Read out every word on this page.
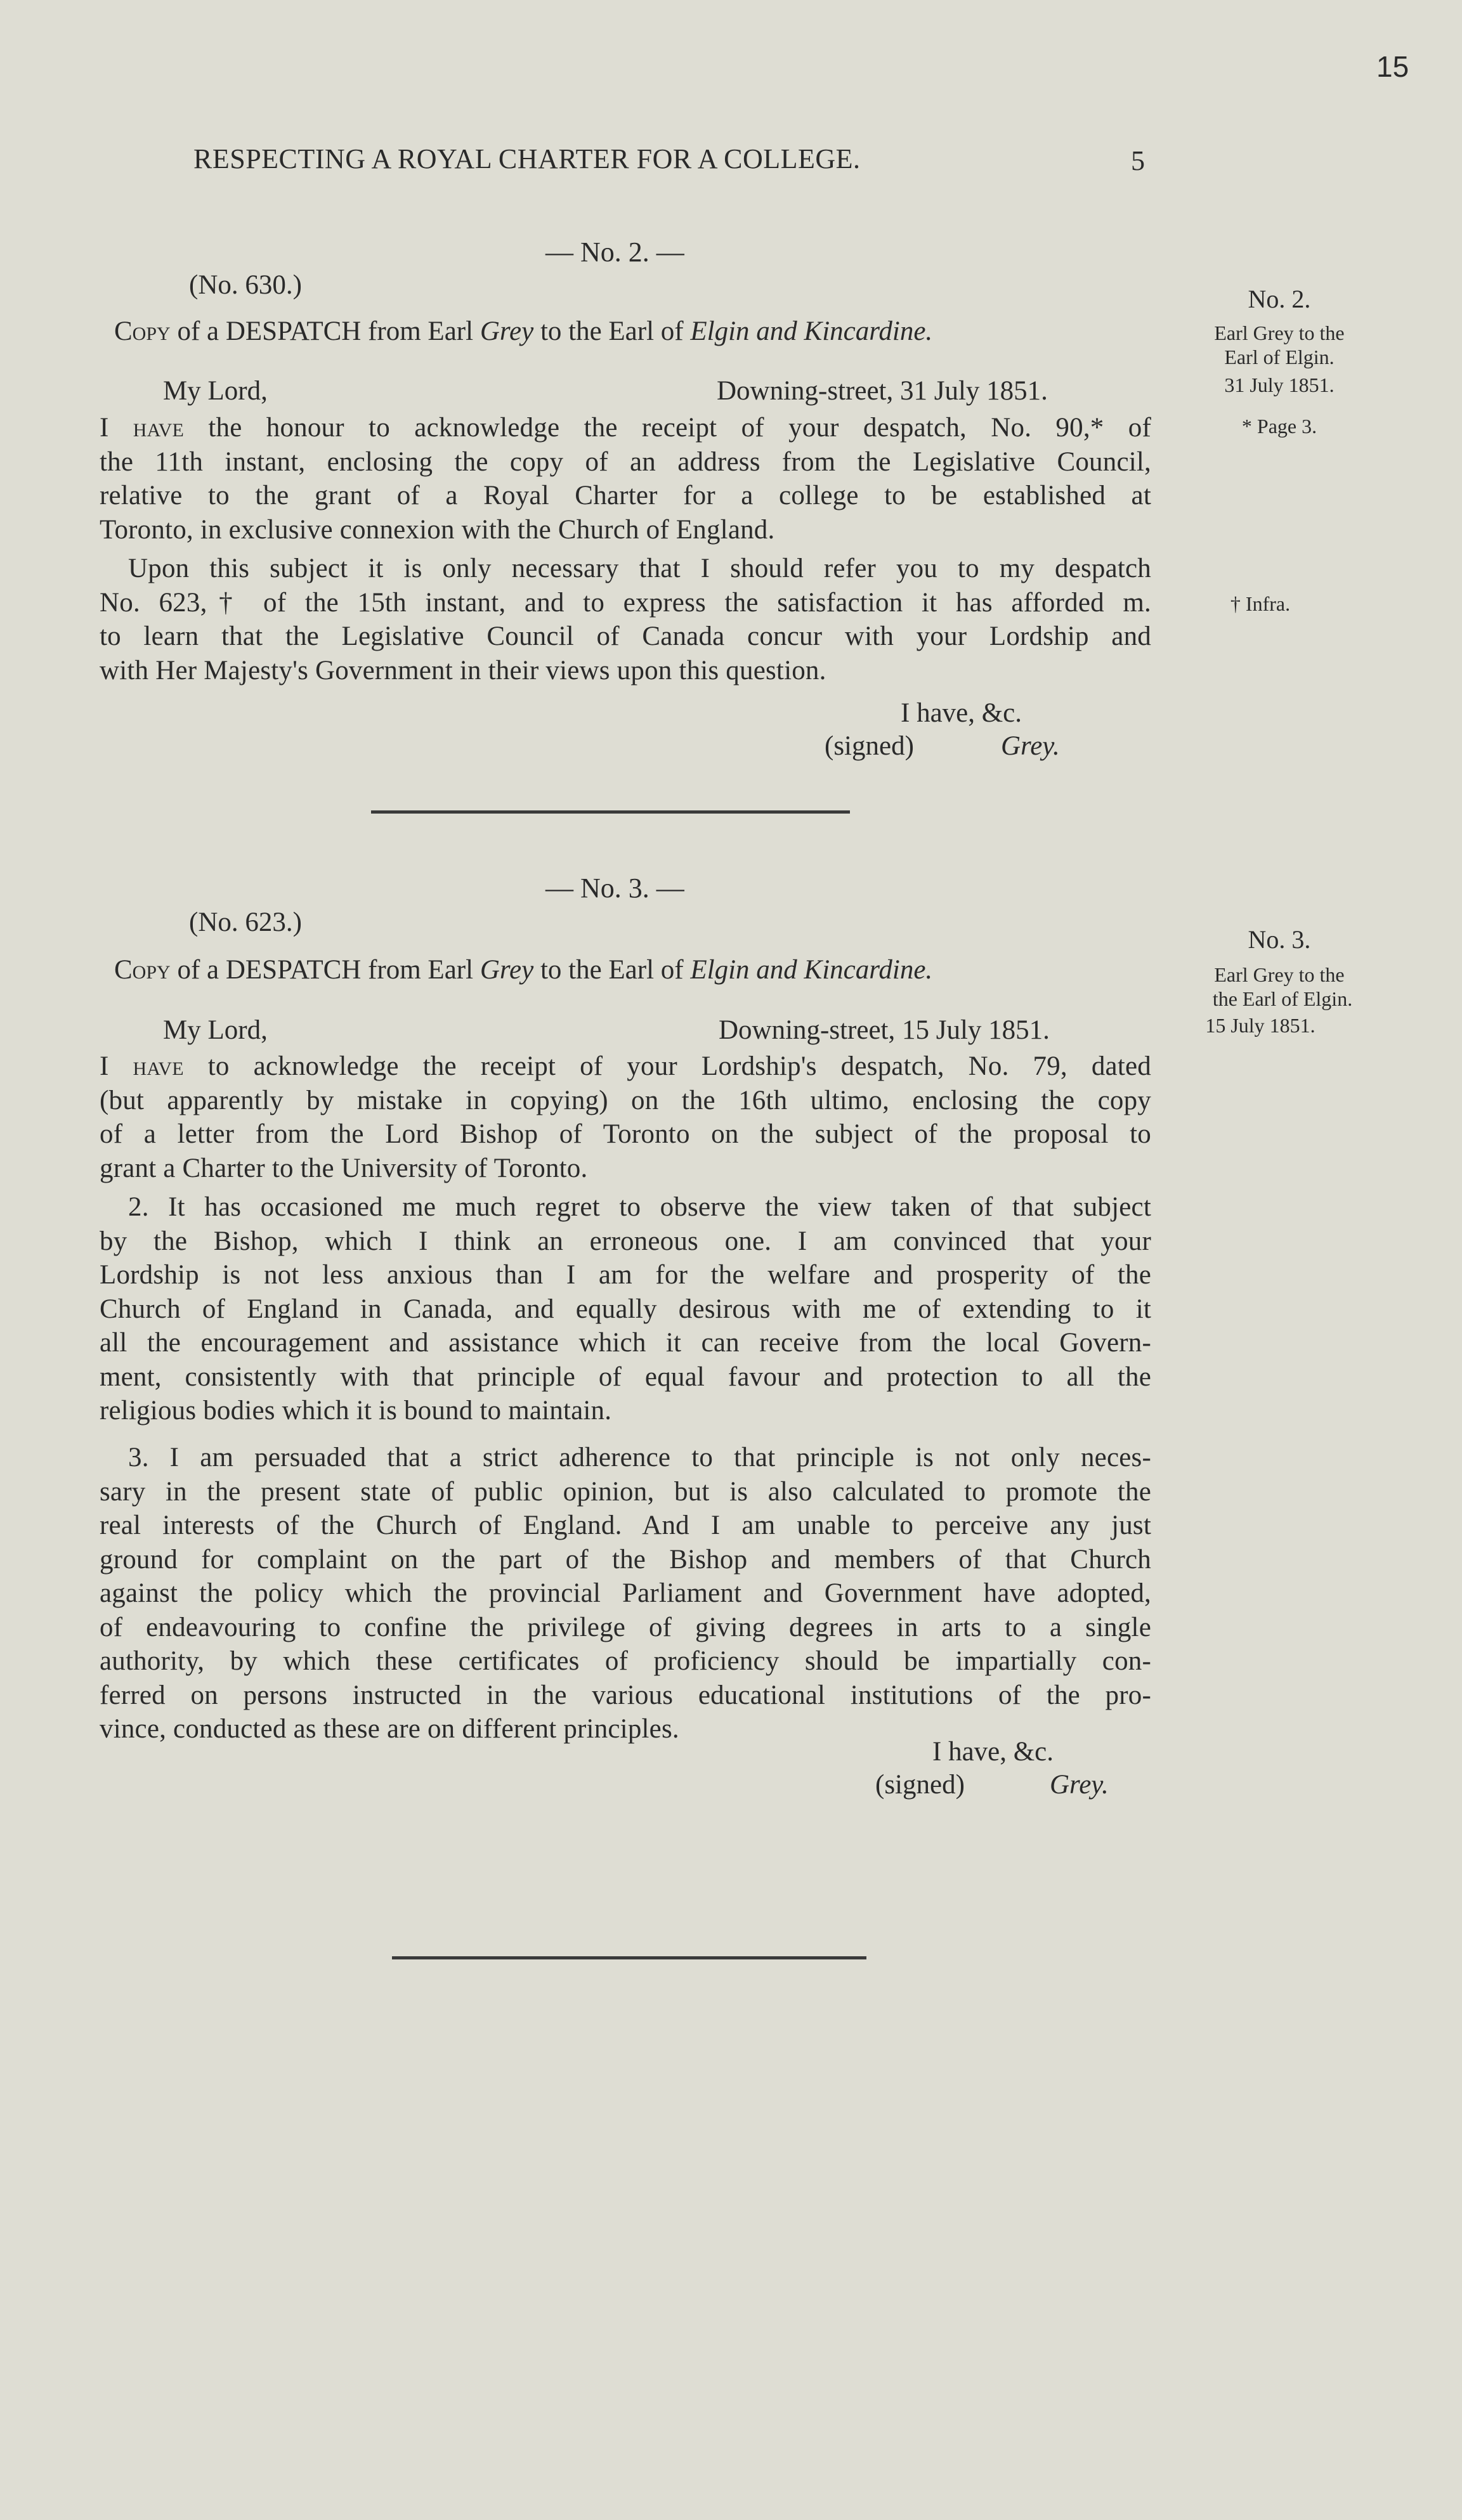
15
RESPECTING A ROYAL CHARTER FOR A COLLEGE.	5
— No. 2. —
(No. 630.)
Copy of a DESPATCH from Earl Grey to the Earl of Elgin and Kincardine.
My Lord,	Downing-street, 31 July 1851.
I have the honour to acknowledge the receipt of your despatch, No. 90,* of
the 11th instant, enclosing the copy of an address from the Legislative Council,
relative to the grant of a Royal Charter for a college to be established at
Toronto, in exclusive connexion with the Church of England.
Upon this subject it is only necessary that I should refer you to my despatch
No. 623,† of the 15th instant, and to express the satisfaction it has afforded m.
to learn that the Legislative Council of Canada concur with your Lordship and
with Her Majesty's Government in their views upon this question.
I have, &c.
(signed)	Grey.
No. 2.
Earl Grey to the
Earl of Elgin.
31 July 1851.
* Page 3.
† Infra.
— No. 3. —
(No. 623.)
Copy of a DESPATCH from Earl Grey to the Earl of Elgin and Kincardine.
My Lord,	Downing-street, 15 July 1851.
I have to acknowledge the receipt of your Lordship's despatch, No. 79, dated
(but apparently by mistake in copying) on the 16th ultimo, enclosing the copy
of a letter from the Lord Bishop of Toronto on the subject of the proposal to
grant a Charter to the University of Toronto.
2. It has occasioned me much regret to observe the view taken of that subject
by the Bishop, which I think an erroneous one. I am convinced that your
Lordship is not less anxious than I am for the welfare and prosperity of the
Church of England in Canada, and equally desirous with me of extending to it
all the encouragement and assistance which it can receive from the local Govern-
ment, consistently with that principle of equal favour and protection to all the
religious bodies which it is bound to maintain.
3. I am persuaded that a strict adherence to that principle is not only neces-
sary in the present state of public opinion, but is also calculated to promote the
real interests of the Church of England. And I am unable to perceive any just
ground for complaint on the part of the Bishop and members of that Church
against the policy which the provincial Parliament and Government have adopted,
of endeavouring to confine the privilege of giving degrees in arts to a single
authority, by which these certificates of proficiency should be impartially con-
ferred on persons instructed in the various educational institutions of the pro-
vince, conducted as these are on different principles.
I have, &c.
(signed)	Grey.
No. 3.
Earl Grey to the
the Earl of Elgin.
15 July 1851.
